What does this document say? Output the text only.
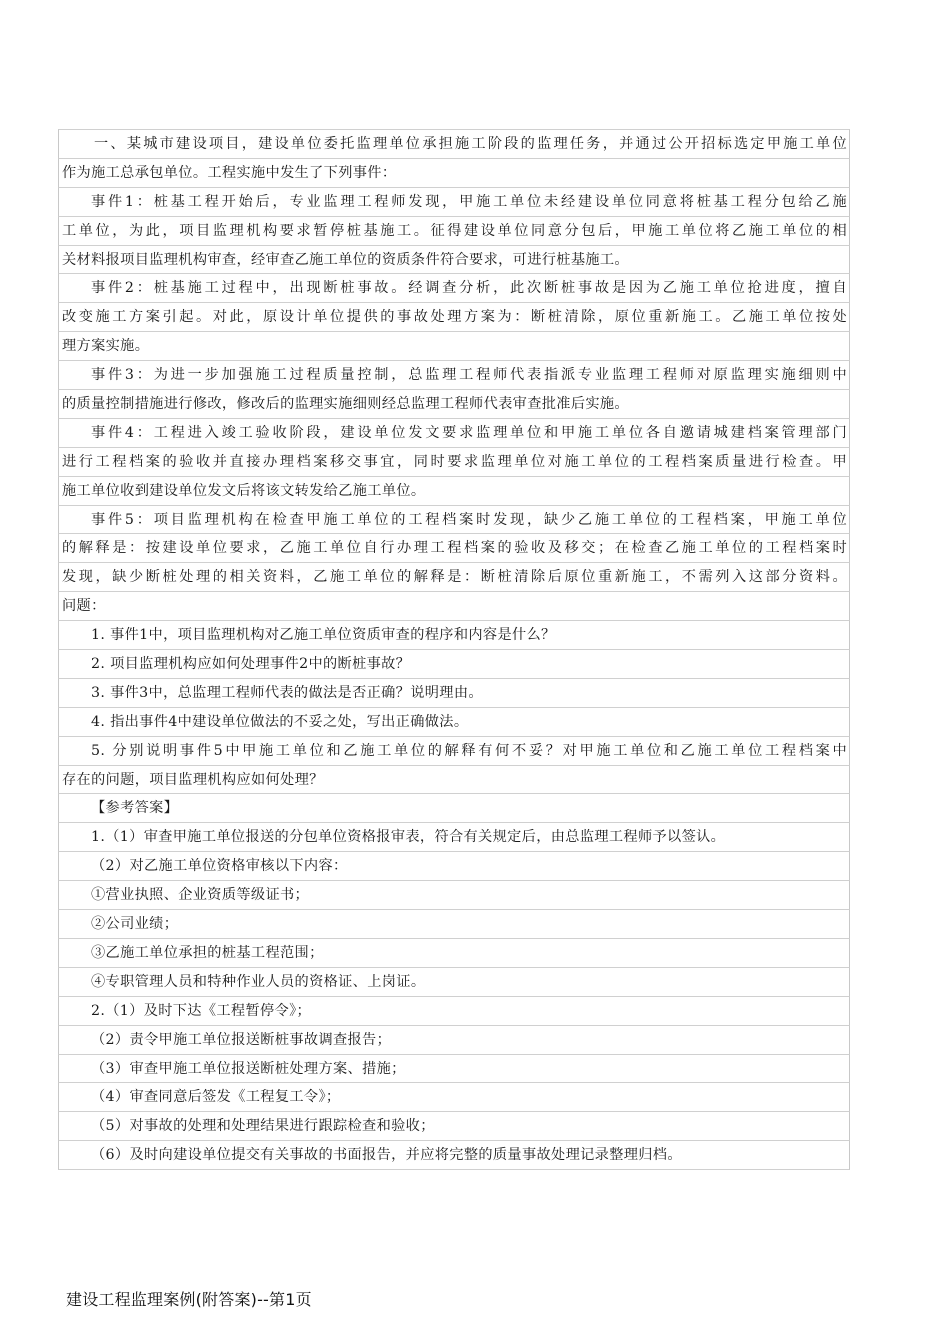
一、某城市建设项目，建设单位委托监理单位承担施工阶段的监理任务，并通过公开招标选定甲施工单位
作为施工总承包单位。工程实施中发生了下列事件：
事件1：桩基工程开始后，专业监理工程师发现，甲施工单位未经建设单位同意将桩基工程分包给乙施
工单位，为此，项目监理机构要求暂停桩基施工。征得建设单位同意分包后，甲施工单位将乙施工单位的相
关材料报项目监理机构审查，经审查乙施工单位的资质条件符合要求，可进行桩基施工。
事件2：桩基施工过程中，出现断桩事故。经调查分析，此次断桩事故是因为乙施工单位抢进度，擅自
改变施工方案引起。对此，原设计单位提供的事故处理方案为：断桩清除，原位重新施工。乙施工单位按处
理方案实施。
事件3：为进一步加强施工过程质量控制，总监理工程师代表指派专业监理工程师对原监理实施细则中
的质量控制措施进行修改，修改后的监理实施细则经总监理工程师代表审查批准后实施。
事件4：工程进入竣工验收阶段，建设单位发文要求监理单位和甲施工单位各自邀请城建档案管理部门
进行工程档案的验收并直接办理档案移交事宜，同时要求监理单位对施工单位的工程档案质量进行检查。甲
施工单位收到建设单位发文后将该文转发给乙施工单位。
事件5：项目监理机构在检查甲施工单位的工程档案时发现，缺少乙施工单位的工程档案，甲施工单位
的解释是：按建设单位要求，乙施工单位自行办理工程档案的验收及移交；在检查乙施工单位的工程档案时
发现，缺少断桩处理的相关资料，乙施工单位的解释是：断桩清除后原位重新施工，不需列入这部分资料。
问题：
1. 事件1中，项目监理机构对乙施工单位资质审查的程序和内容是什么？
2. 项目监理机构应如何处理事件2中的断桩事故？
3. 事件3中，总监理工程师代表的做法是否正确？说明理由。
4. 指出事件4中建设单位做法的不妥之处，写出正确做法。
5. 分别说明事件5中甲施工单位和乙施工单位的解释有何不妥？对甲施工单位和乙施工单位工程档案中
存在的问题，项目监理机构应如何处理？
【参考答案】
1.（1）审查甲施工单位报送的分包单位资格报审表，符合有关规定后，由总监理工程师予以签认。
（2）对乙施工单位资格审核以下内容：
①营业执照、企业资质等级证书；
②公司业绩；
③乙施工单位承担的桩基工程范围；
④专职管理人员和特种作业人员的资格证、上岗证。
2.（1）及时下达《工程暂停令》；
（2）责令甲施工单位报送断桩事故调查报告；
（3）审查甲施工单位报送断桩处理方案、措施；
（4）审查同意后签发《工程复工令》；
（5）对事故的处理和处理结果进行跟踪检查和验收；
（6）及时向建设单位提交有关事故的书面报告，并应将完整的质量事故处理记录整理归档。
建设工程监理案例(附答案)--第1页
